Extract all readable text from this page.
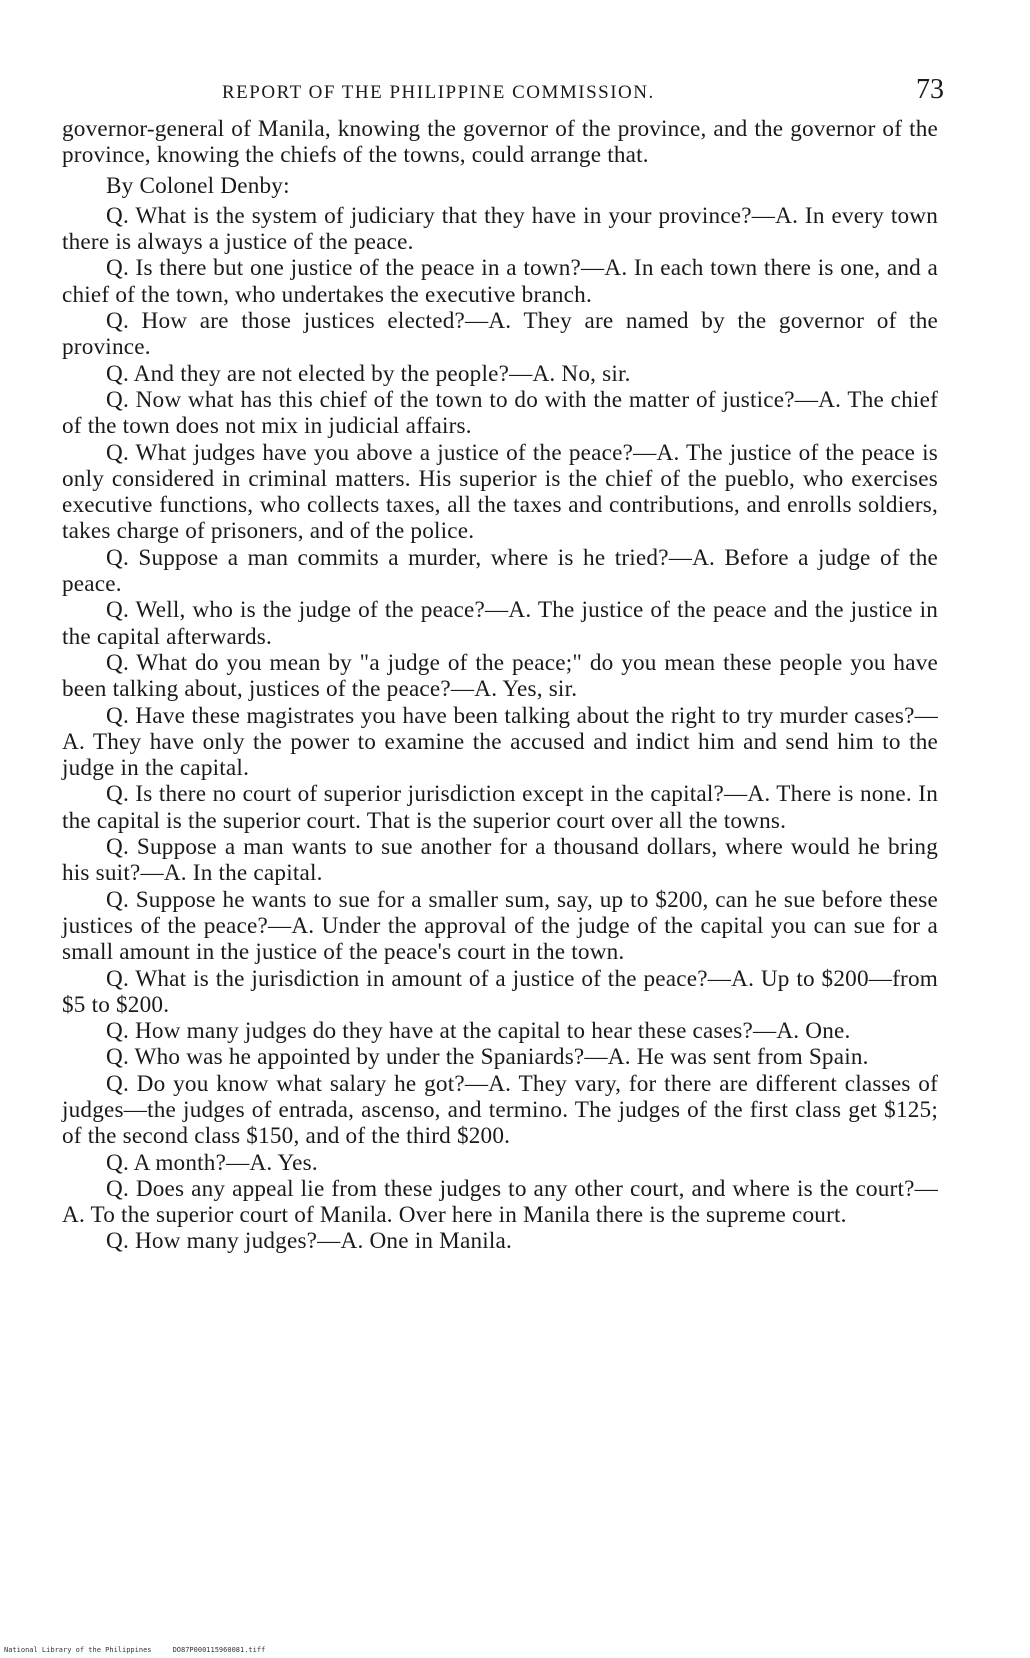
REPORT OF THE PHILIPPINE COMMISSION.	73

governor-general of Manila, knowing the governor of the province, and the governor of the province, knowing the chiefs of the towns, could arrange that.

By Colonel Denby:

Q. What is the system of judiciary that they have in your province?—A. In every town there is always a justice of the peace.

Q. Is there but one justice of the peace in a town?—A. In each town there is one, and a chief of the town, who undertakes the executive branch.

Q. How are those justices elected?—A. They are named by the governor of the province.

Q. And they are not elected by the people?—A. No, sir.

Q. Now what has this chief of the town to do with the matter of justice?—A. The chief of the town does not mix in judicial affairs.

Q. What judges have you above a justice of the peace?—A. The justice of the peace is only considered in criminal matters. His superior is the chief of the pueblo, who exercises executive functions, who collects taxes, all the taxes and contributions, and enrolls soldiers, takes charge of prisoners, and of the police.

Q. Suppose a man commits a murder, where is he tried?—A. Before a judge of the peace.

Q. Well, who is the judge of the peace?—A. The justice of the peace and the justice in the capital afterwards.

Q. What do you mean by "a judge of the peace;" do you mean these people you have been talking about, justices of the peace?—A. Yes, sir.

Q. Have these magistrates you have been talking about the right to try murder cases?—A. They have only the power to examine the accused and indict him and send him to the judge in the capital.

Q. Is there no court of superior jurisdiction except in the capital?—A. There is none. In the capital is the superior court. That is the superior court over all the towns.

Q. Suppose a man wants to sue another for a thousand dollars, where would he bring his suit?—A. In the capital.

Q. Suppose he wants to sue for a smaller sum, say, up to $200, can he sue before these justices of the peace?—A. Under the approval of the judge of the capital you can sue for a small amount in the justice of the peace's court in the town.

Q. What is the jurisdiction in amount of a justice of the peace?—A. Up to $200—from $5 to $200.

Q. How many judges do they have at the capital to hear these cases?—A. One.

Q. Who was he appointed by under the Spaniards?—A. He was sent from Spain.

Q. Do you know what salary he got?—A. They vary, for there are different classes of judges—the judges of entrada, ascenso, and termino. The judges of the first class get $125; of the second class $150, and of the third $200.

Q. A month?—A. Yes.

Q. Does any appeal lie from these judges to any other court, and where is the court?—A. To the superior court of Manila. Over here in Manila there is the supreme court.

Q. How many judges?—A. One in Manila.

National Library of the Philippines     DO87P000115960081.tiff
